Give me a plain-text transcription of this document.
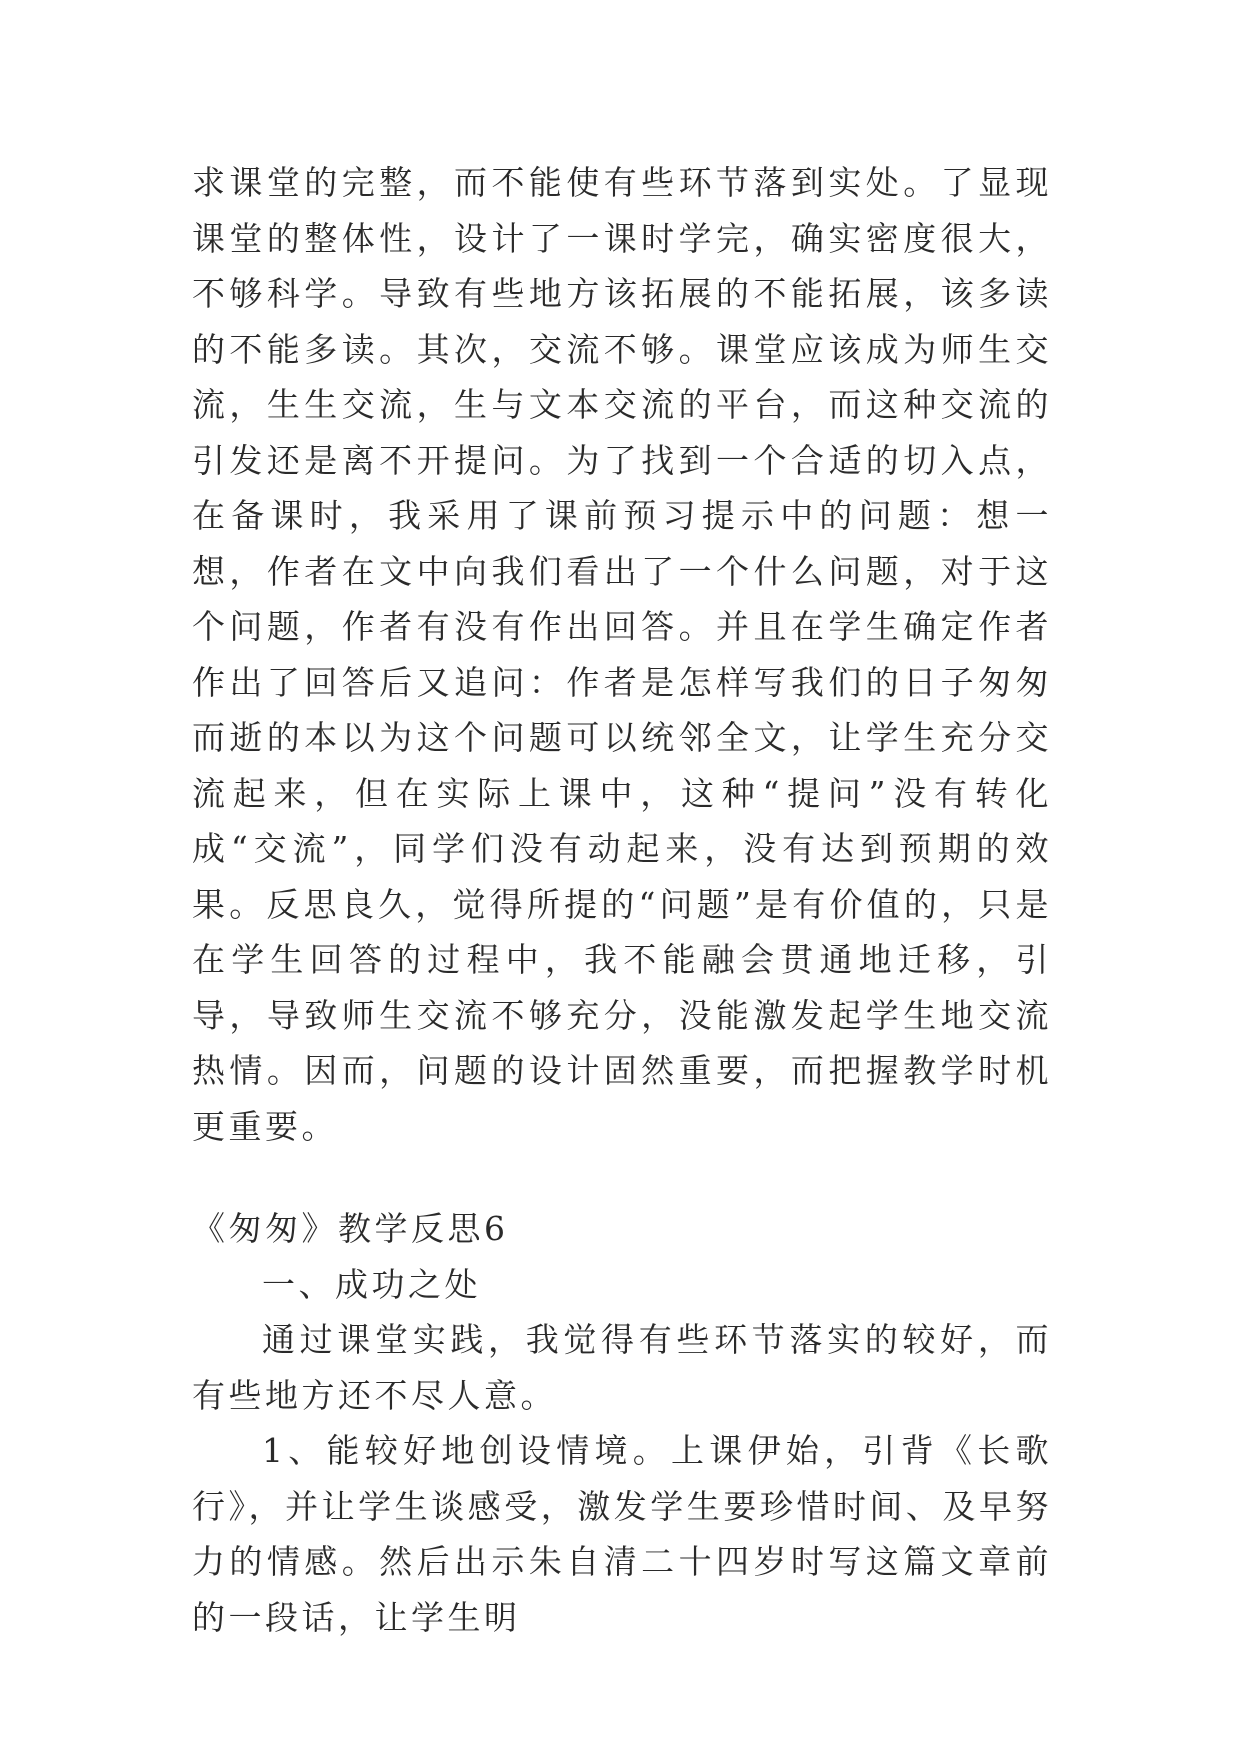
求课堂的完整，而不能使有些环节落到实处。了显现课堂的整体性，设计了一课时学完，确实密度很大，不够科学。导致有些地方该拓展的不能拓展，该多读的不能多读。其次，交流不够。课堂应该成为师生交流，生生交流，生与文本交流的平台，而这种交流的引发还是离不开提问。为了找到一个合适的切入点，在备课时，我采用了课前预习提示中的问题：想一想，作者在文中向我们看出了一个什么问题，对于这个问题，作者有没有作出回答。并且在学生确定作者作出了回答后又追问：作者是怎样写我们的日子匆匆而逝的本以为这个问题可以统邻全文，让学生充分交流起来，但在实际上课中，这种“提问”没有转化成“交流”，同学们没有动起来，没有达到预期的效果。反思良久，觉得所提的“问题”是有价值的，只是在学生回答的过程中，我不能融会贯通地迁移，引导，导致师生交流不够充分，没能激发起学生地交流热情。因而，问题的设计固然重要，而把握教学时机更重要。

《匆匆》教学反思6

一、成功之处

通过课堂实践，我觉得有些环节落实的较好，而有些地方还不尽人意。

1、能较好地创设情境。上课伊始，引背《长歌行》，并让学生谈感受，激发学生要珍惜时间、及早努力的情感。然后出示朱自清二十四岁时写这篇文章前的一段话，让学生明
